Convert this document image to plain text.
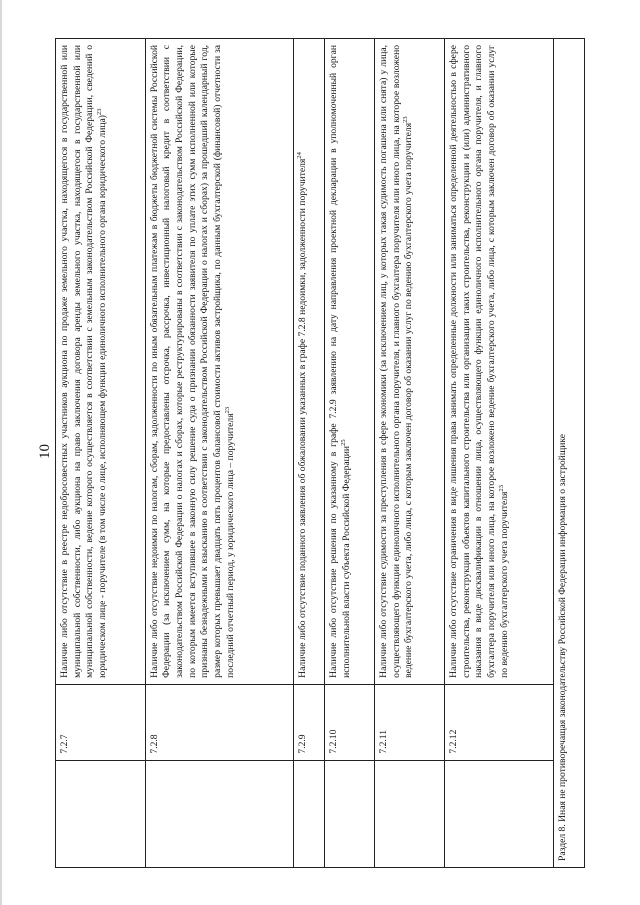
10
	7.2.7	Наличие либо отсутствие в реестре недобросовестных участников аукциона по продаже земельного участка, находящегося в государственной или муниципальной собственности, либо аукциона на право заключения договора аренды земельного участка, находящегося в государственной или муниципальной собственности, ведение которого осуществляется в соответствии с земельным законодательством Российской Федерации, сведений о юридическом лице - поручителе (в том числе о лице, исполняющем функции единоличного исполнительного органа юридического лица)$^{23}$
	7.2.8	Наличие либо отсутствие недоимки по налогам, сборам, задолженности по иным обязательным платежам в бюджеты бюджетной системы Российской Федерации (за исключением сумм, на которые предоставлены отсрочка, рассрочка, инвестиционный налоговый кредит в соответствии с законодательством Российской Федерации о налогах и сборах, которые реструктурированы в соответствии с законодательством Российской Федерации, по которым имеется вступившее в законную силу решение суда о признании обязанности заявителя по уплате этих сумм исполненной или которые признаны безнадежными к взысканию в соответствии с законодательством Российской Федерации о налогах и сборах) за прошедший календарный год, размер которых превышает двадцать пять процентов балансовой стоимости активов застройщика, по данным бухгалтерской (финансовой) отчетности за последний отчетный период, у юридического лица – поручителя$^{23}$
	7.2.9	Наличие либо отсутствие поданного заявления об обжаловании указанных в графе 7.2.8 недоимки, задолженности поручителя$^{24}$
	7.2.10	Наличие либо отсутствие решения по указанному в графе 7.2.9 заявлению на дату направления проектной декларации в уполномоченный орган исполнительной власти субъекта Российской Федерации$^{25}$
	7.2.11	Наличие либо отсутствие судимости за преступления в сфере экономики (за исключением лиц, у которых такая судимость погашена или снята) у лица, осуществляющего функции единоличного исполнительного органа поручителя, и главного бухгалтера поручителя или иного лица, на которое возложено ведение бухгалтерского учета, либо лица, с которым заключен договор об оказании услуг по ведению бухгалтерского учета поручителя$^{23}$
	7.2.12	Наличие либо отсутствие ограничения в виде лишения права занимать определенные должности или заниматься определенной деятельностью в сфере строительства, реконструкции объектов капитального строительства или организации таких строительства, реконструкции и (или) административного наказания в виде дисквалификации в отношении лица, осуществляющего функции единоличного исполнительного органа поручителя, и главного бухгалтера поручителя или иного лица, на которое возложено ведение бухгалтерского учета, либо лица, с которым заключен договор об оказании услуг по ведению бухгалтерского учета поручителя$^{23}$
Раздел 8. Иная не противоречащая законодательству Российской Федерации информация о застройщике		
